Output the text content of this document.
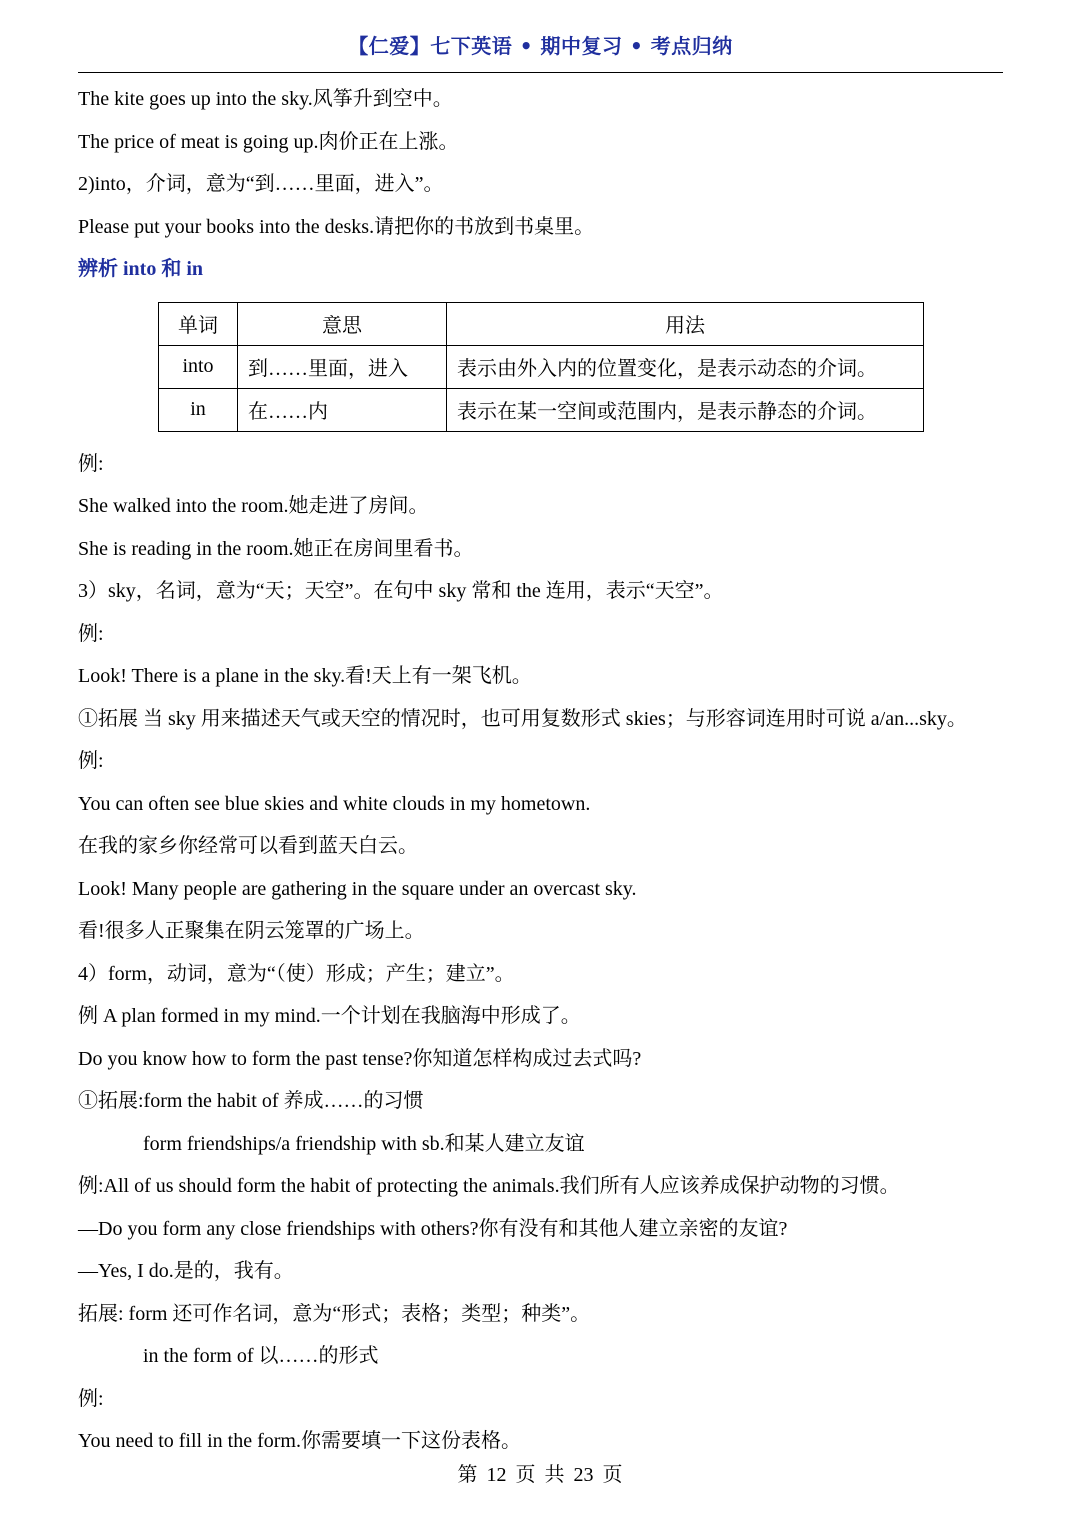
【仁爱】七下英语 • 期中复习 • 考点归纳
The kite goes up into the sky.风筝升到空中。
The price of meat is going up.肉价正在上涨。
2)into，介词，意为“到……里面，进入”。
Please put your books into the desks.请把你的书放到书桌里。
辨析 into 和 in
单词	意思	用法
into	到……里面，进入	表示由外入内的位置变化，是表示动态的介词。
in	在……内	表示在某一空间或范围内，是表示静态的介词。
例:
She walked into the room.她走进了房间。
She is reading in the room.她正在房间里看书。
3）sky，名词，意为“天；天空”。在句中 sky 常和 the 连用，表示“天空”。
例:
Look! There is a plane in the sky.看!天上有一架飞机。
①拓展 当 sky 用来描述天气或天空的情况时，也可用复数形式 skies；与形容词连用时可说 a/an...sky。
例:
You can often see blue skies and white clouds in my hometown.
在我的家乡你经常可以看到蓝天白云。
Look! Many people are gathering in the square under an overcast sky.
看!很多人正聚集在阴云笼罩的广场上。
4）form，动词，意为“（使）形成；产生；建立”。
例 A plan formed in my mind.一个计划在我脑海中形成了。
Do you know how to form the past tense?你知道怎样构成过去式吗?
①拓展:form the habit of 养成……的习惯
form friendships/a friendship with sb.和某人建立友谊
例:All of us should form the habit of protecting the animals.我们所有人应该养成保护动物的习惯。
—Do you form any close friendships with others?你有没有和其他人建立亲密的友谊?
—Yes, I do.是的，我有。
拓展: form 还可作名词，意为“形式；表格；类型；种类”。
in the form of 以……的形式
例:
You need to fill in the form.你需要填一下这份表格。
第 12 页 共 23 页
